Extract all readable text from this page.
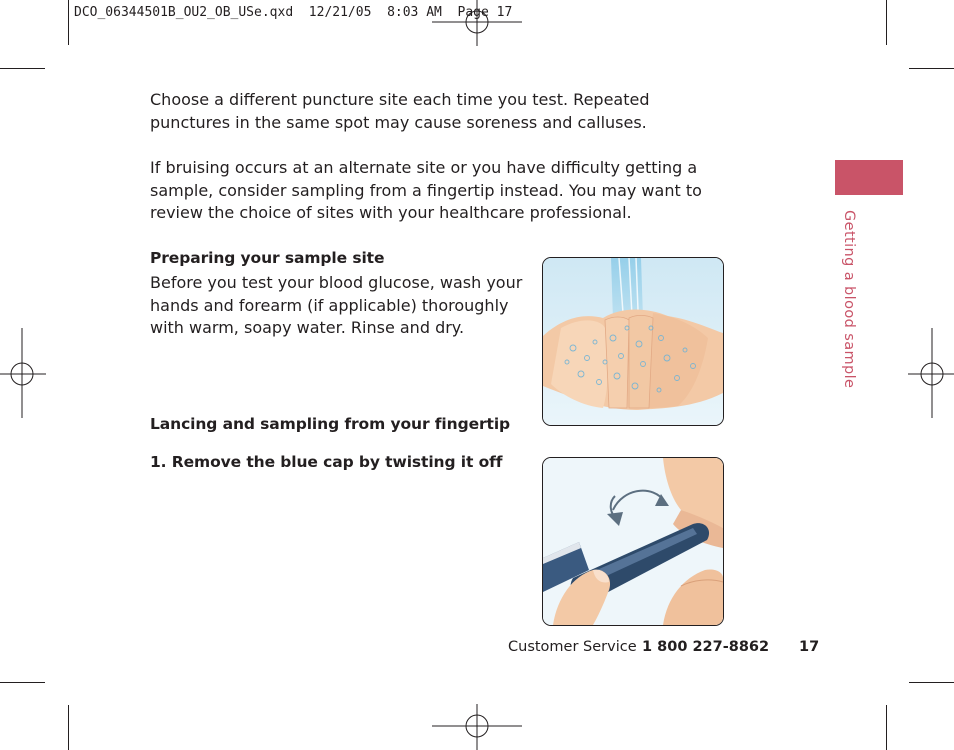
DCO_06344501B_OU2_OB_USe.qxd  12/21/05  8:03 AM  Page 17
Choose a different puncture site each time you test. Repeated
punctures in the same spot may cause soreness and calluses.
If bruising occurs at an alternate site or you have difficulty getting a
sample, consider sampling from a fingertip instead. You may want to
review the choice of sites with your healthcare professional.
Preparing your sample site
Before you test your blood glucose, wash your
hands and forearm (if applicable) thoroughly
with warm, soapy water. Rinse and dry.
Lancing and sampling from your fingertip
1. Remove the blue cap by twisting it off
Getting a blood sample
Customer Service 1 800 227-8862 17
